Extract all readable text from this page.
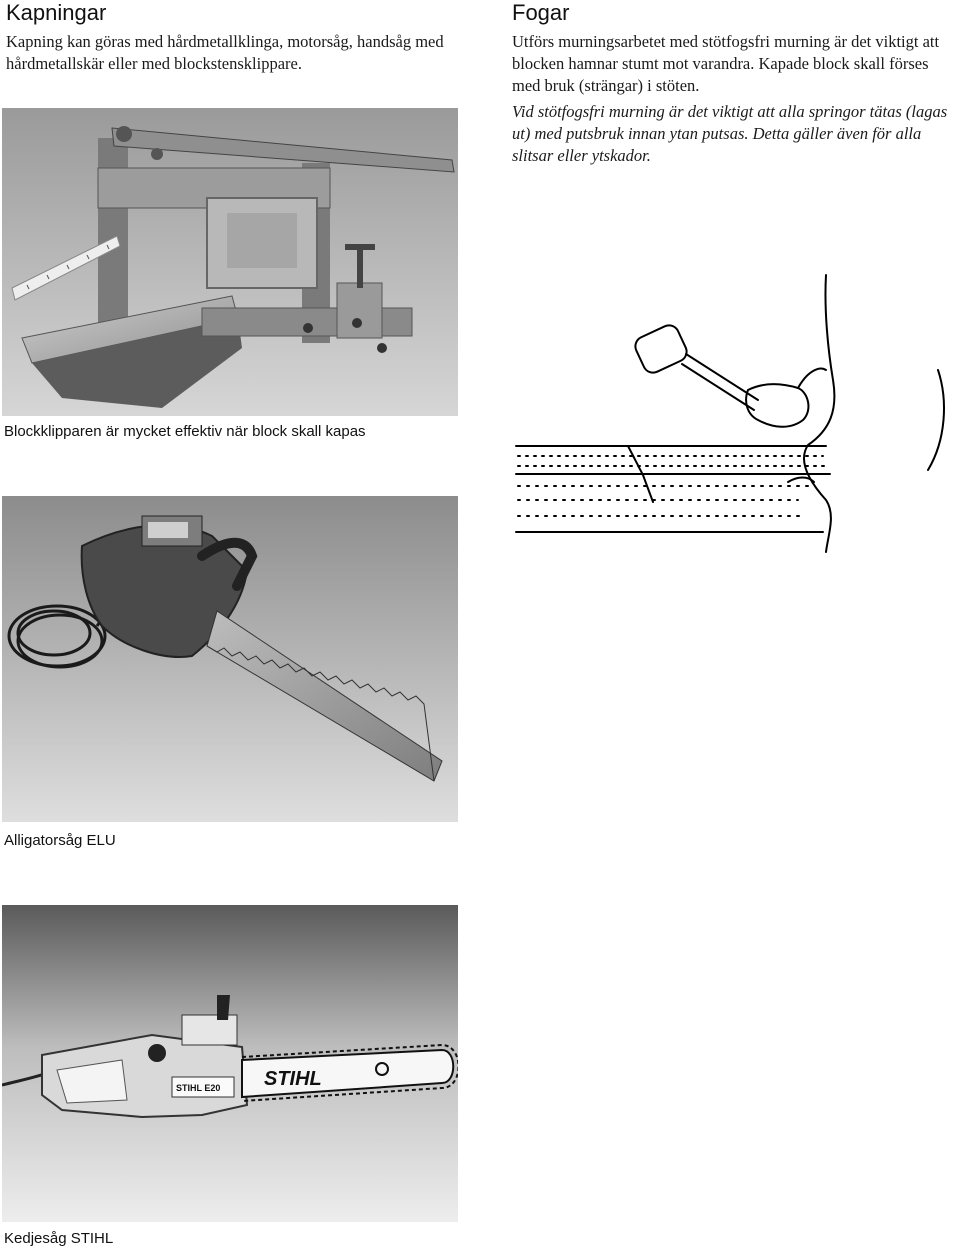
Kapningar

Kapning kan göras med hårdmetallklinga, motorsåg, handsåg med hårdmetallskär eller med blockstensklippare.

Fogar

Utförs murningsarbetet med stötfogsfri murning är det viktigt att blocken hamnar stumt mot varandra. Kapade block skall förses med bruk (strängar) i stöten.

Vid stötfogsfri murning är det viktigt att alla springor tätas (lagas ut) med putsbruk innan ytan putsas. Detta gäller även för alla slitsar eller ytskador.

Blockklipparen är mycket effektiv när block skall kapas

Alligatorsåg ELU

STIHL E20 STIHL

Kedjesåg STIHL
